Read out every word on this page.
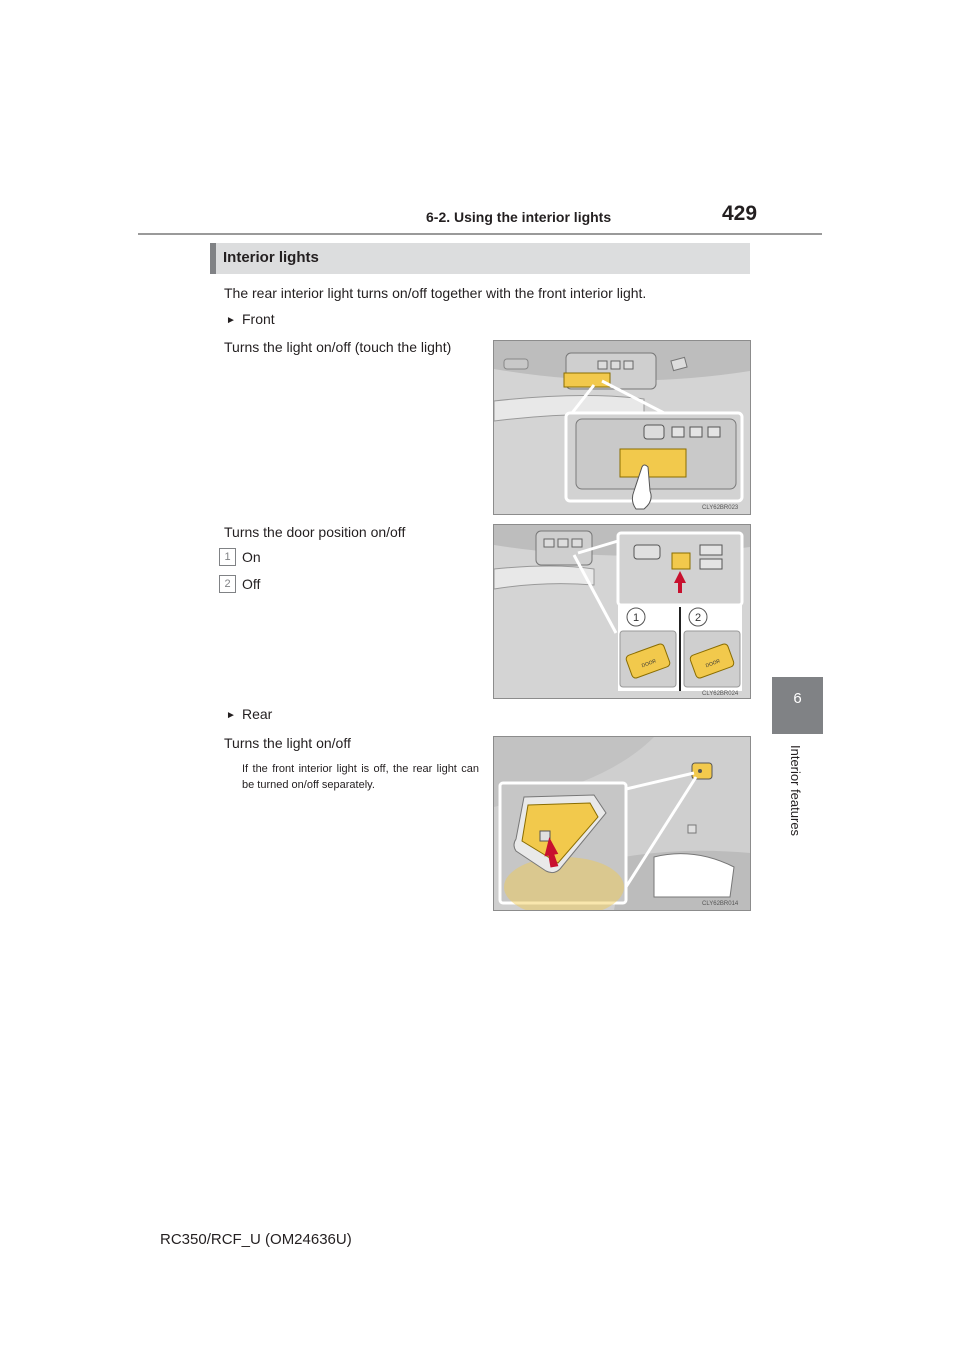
6-2. Using the interior lights	429
6
Interior features
Interior lights
The rear interior light turns on/off together with the front interior light.
► Front
Turns the light on/off (touch the light)
CLY62BR023
Turns the door position on/off
1 On
2 Off
1	2
DOOR	DOOR
CLY62BR024
► Rear
Turns the light on/off
If the front interior light is off, the rear light can be turned on/off separately.
CLY62BR014
RC350/RCF_U (OM24636U)
